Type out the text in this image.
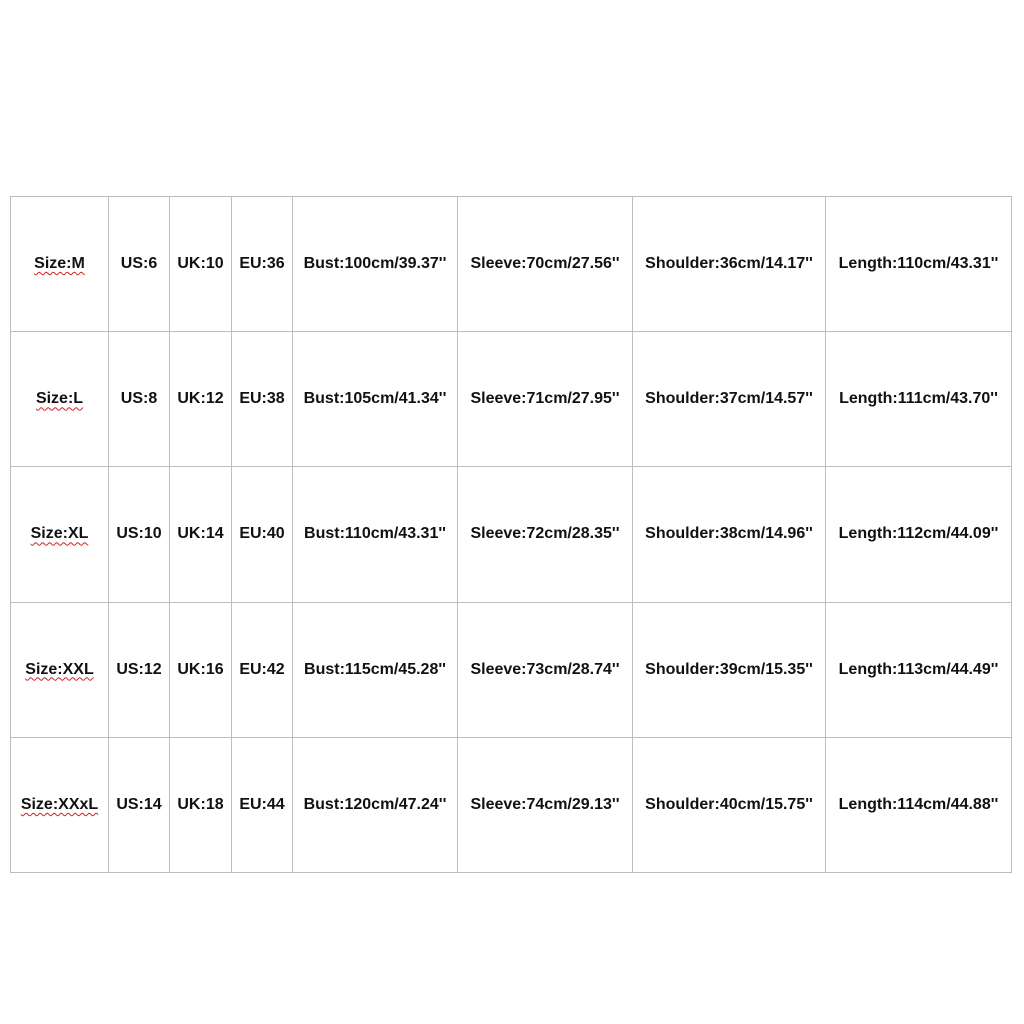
Size:M	US:6	UK:10	EU:36	Bust:100cm/39.37''	Sleeve:70cm/27.56''	Shoulder:36cm/14.17''	Length:110cm/43.31''
Size:L	US:8	UK:12	EU:38	Bust:105cm/41.34''	Sleeve:71cm/27.95''	Shoulder:37cm/14.57''	Length:111cm/43.70''
Size:XL	US:10	UK:14	EU:40	Bust:110cm/43.31''	Sleeve:72cm/28.35''	Shoulder:38cm/14.96''	Length:112cm/44.09''
Size:XXL	US:12	UK:16	EU:42	Bust:115cm/45.28''	Sleeve:73cm/28.74''	Shoulder:39cm/15.35''	Length:113cm/44.49''
Size:XXxL	US:14	UK:18	EU:44	Bust:120cm/47.24''	Sleeve:74cm/29.13''	Shoulder:40cm/15.75''	Length:114cm/44.88''
